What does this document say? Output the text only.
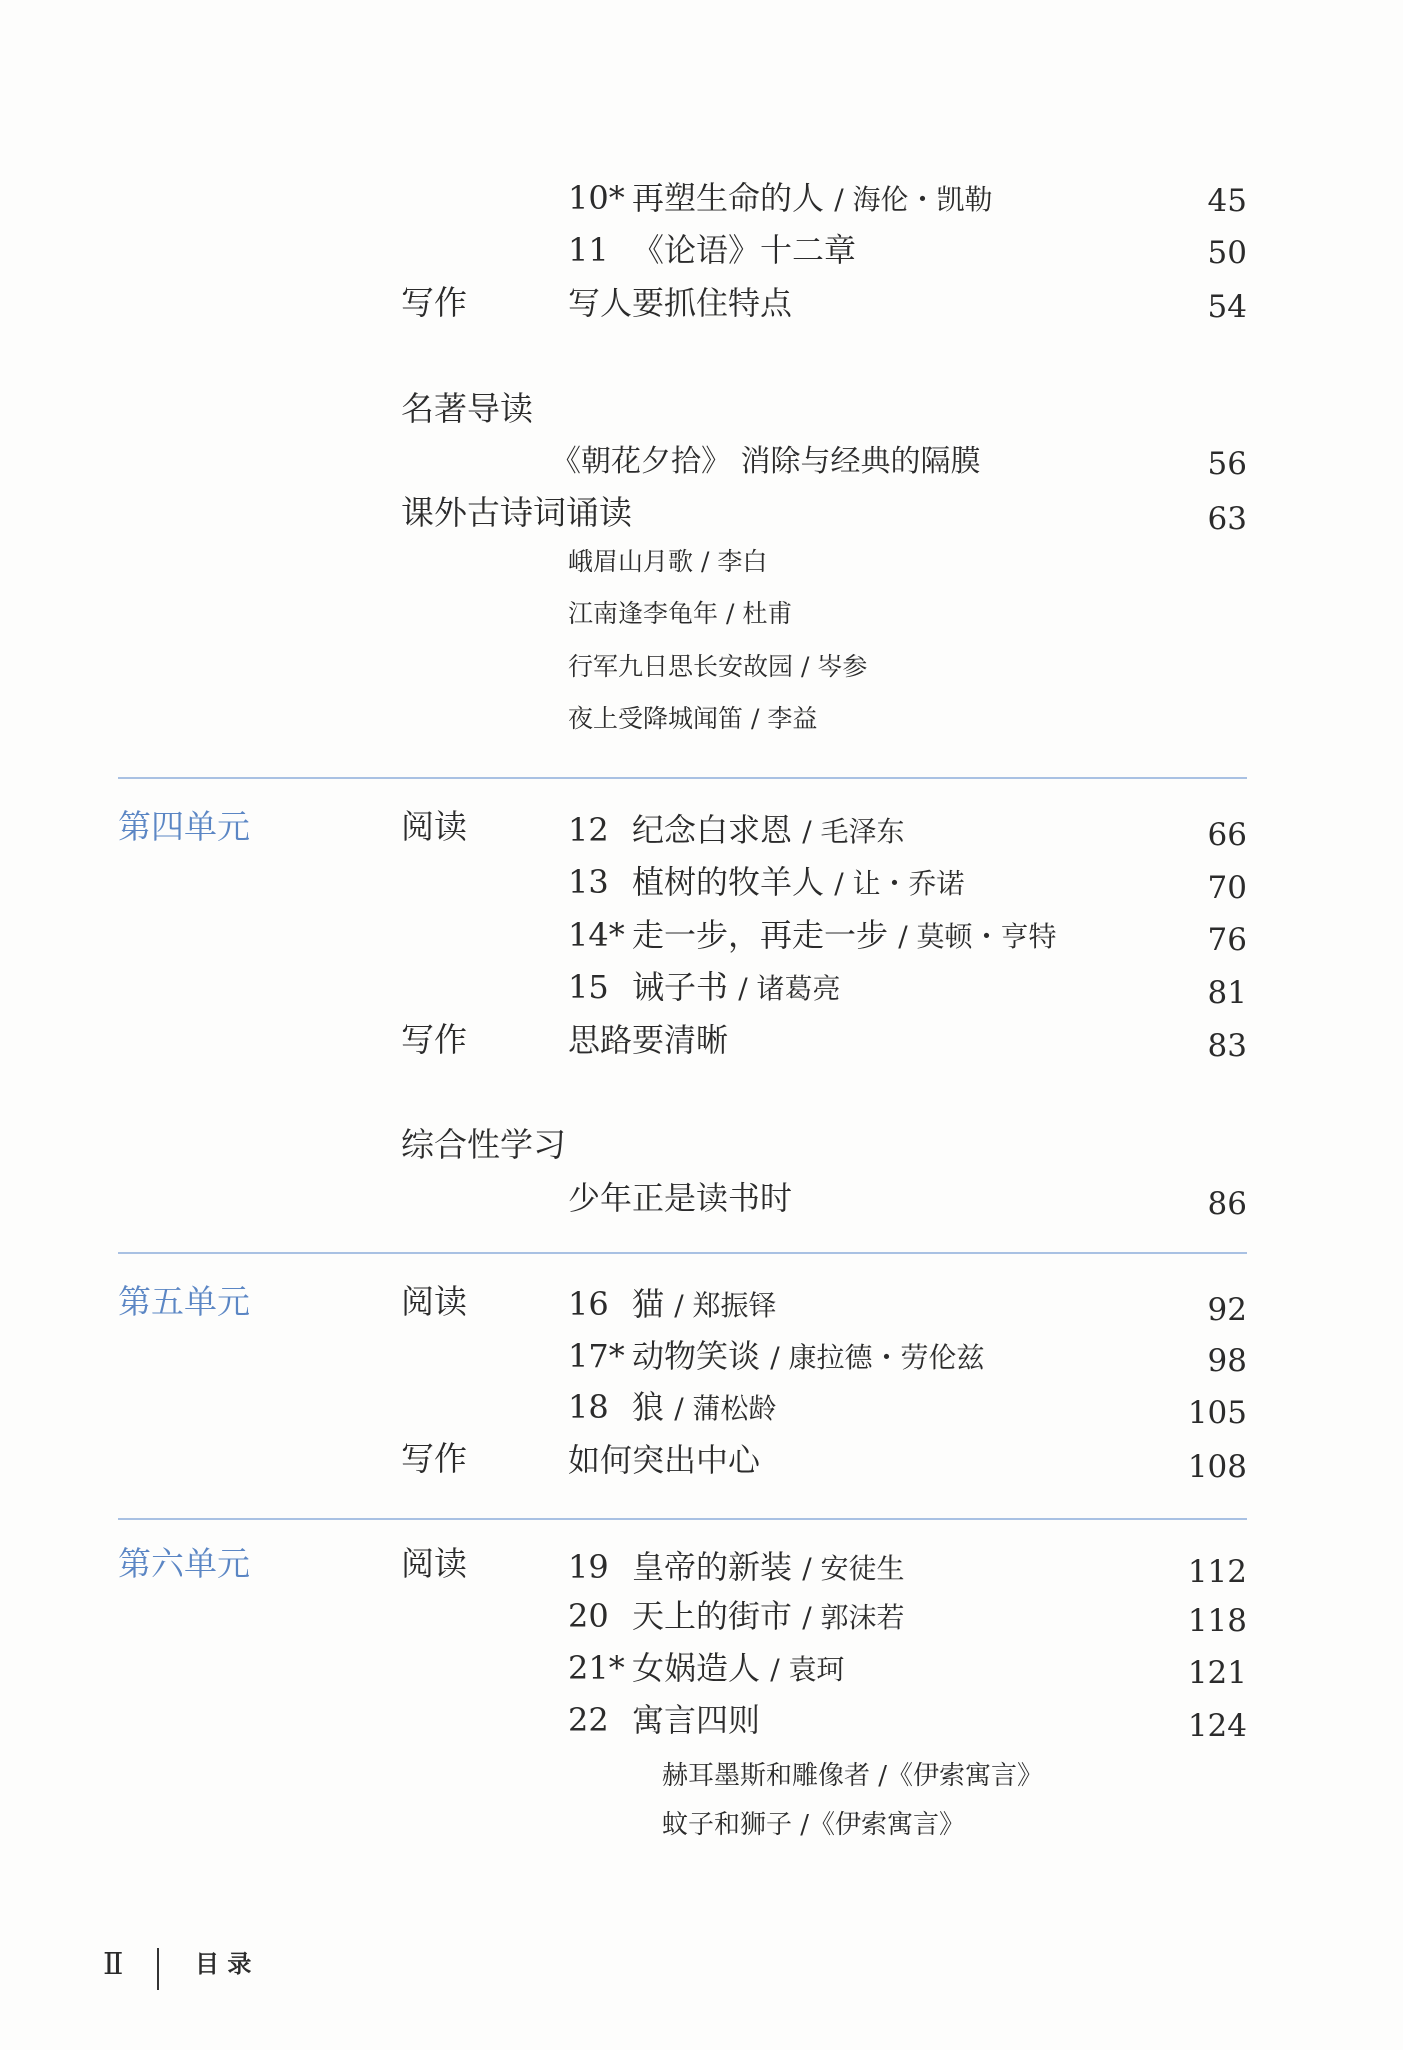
10* 再塑生命的人 / 海伦・凯勒	45
11 《论语》十二章	50
写作	写人要抓住特点	54
名著导读
《朝花夕拾》 消除与经典的隔膜	56
课外古诗词诵读	63
峨眉山月歌 / 李白
江南逢李龟年 / 杜甫
行军九日思长安故园 / 岑参
夜上受降城闻笛 / 李益
第四单元	阅读	12 纪念白求恩 / 毛泽东	66
13 植树的牧羊人 / 让・乔诺	70
14* 走一步，再走一步 / 莫顿・亨特	76
15 诫子书 / 诸葛亮	81
写作	思路要清晰	83
综合性学习
少年正是读书时	86
第五单元	阅读	16 猫 / 郑振铎	92
17* 动物笑谈 / 康拉德・劳伦兹	98
18 狼 / 蒲松龄	105
写作	如何突出中心	108
第六单元	阅读	19 皇帝的新装 / 安徒生	112
20 天上的街市 / 郭沫若	118
21* 女娲造人 / 袁珂	121
22 寓言四则	124
赫耳墨斯和雕像者 /《伊索寓言》
蚊子和狮子 /《伊索寓言》
Ⅱ	目 录
